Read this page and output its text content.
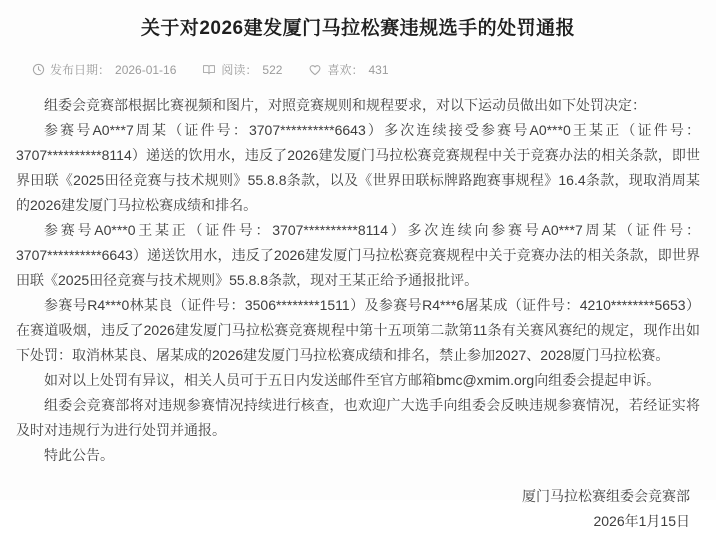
关于对2026建发厦门马拉松赛违规选手的处罚通报
发布日期： 2026-01-16	阅读： 522	喜欢： 431

组委会竞赛部根据比赛视频和图片，对照竞赛规则和规程要求，对以下运动员做出如下处罚决定：

参赛号A0***7周某（证件号：3707**********6643）多次连续接受参赛号A0***0王某正（证件号：3707**********8114）递送的饮用水，违反了2026建发厦门马拉松赛竞赛规程中关于竞赛办法的相关条款，即世界田联《2025田径竞赛与技术规则》55.8.8条款，以及《世界田联标牌路跑赛事规程》16.4条款，现取消周某的2026建发厦门马拉松赛成绩和排名。

参赛号A0***0王某正（证件号：3707**********8114）多次连续向参赛号A0***7周某（证件号：3707**********6643）递送饮用水，违反了2026建发厦门马拉松赛竞赛规程中关于竞赛办法的相关条款，即世界田联《2025田径竞赛与技术规则》55.8.8条款，现对王某正给予通报批评。

参赛号R4***0林某良（证件号：3506********1511）及参赛号R4***6屠某成（证件号：4210********5653）在赛道吸烟，违反了2026建发厦门马拉松赛竞赛规程中第十五项第二款第11条有关赛风赛纪的规定，现作出如下处罚：取消林某良、屠某成的2026建发厦门马拉松赛成绩和排名，禁止参加2027、2028厦门马拉松赛。

如对以上处罚有异议，相关人员可于五日内发送邮件至官方邮箱bmc@xmim.org向组委会提起申诉。

组委会竞赛部将对违规参赛情况持续进行核查，也欢迎广大选手向组委会反映违规参赛情况，若经证实将及时对违规行为进行处罚并通报。

特此公告。

厦门马拉松赛组委会竞赛部
2026年1月15日
